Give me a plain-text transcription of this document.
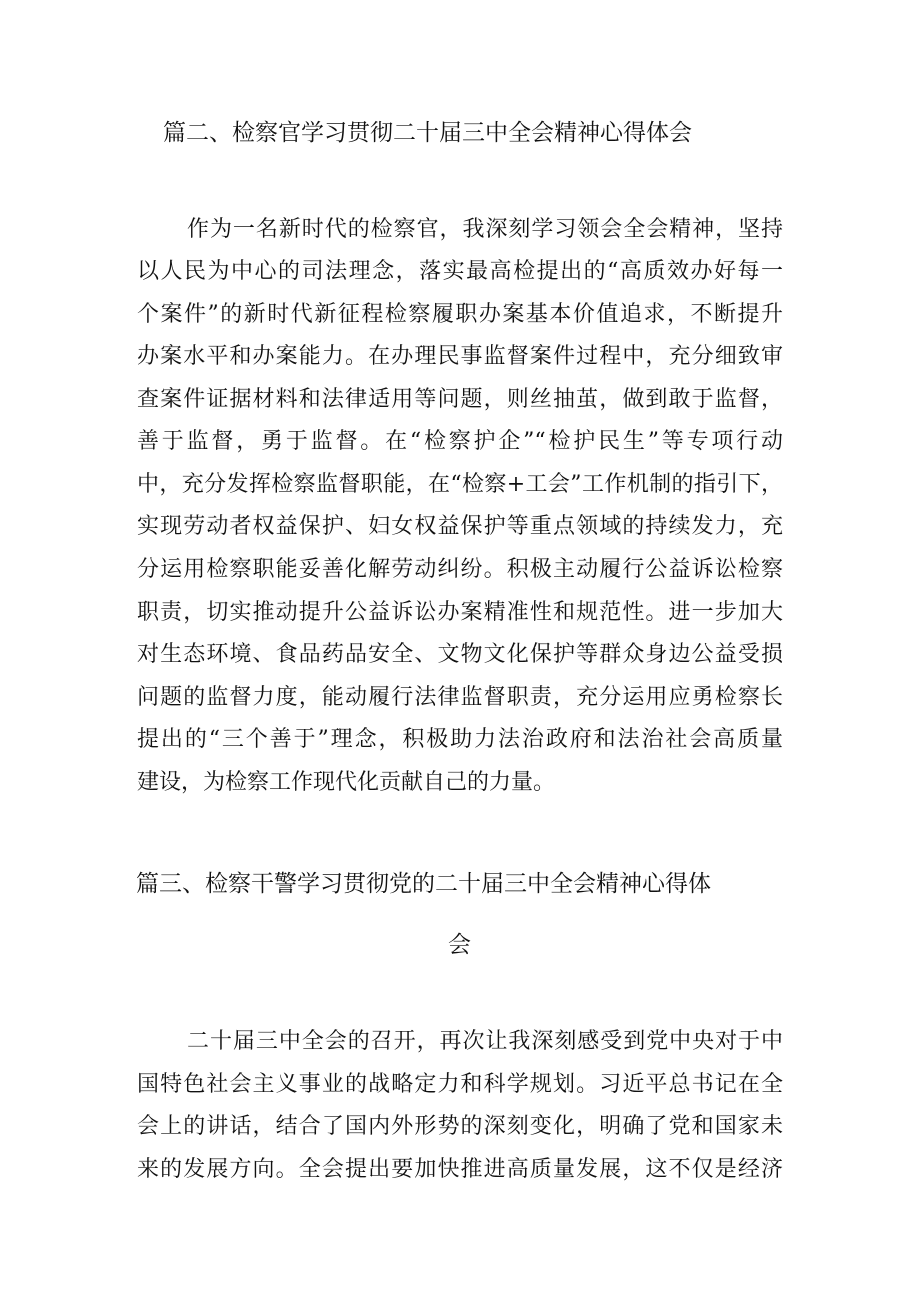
篇二、检察官学习贯彻二十届三中全会精神心得体会
作为一名新时代的检察官，我深刻学习领会全会精神，坚持
以人民为中心的司法理念，落实最高检提出的“高质效办好每一
个案件”的新时代新征程检察履职办案基本价值追求，不断提升
办案水平和办案能力。在办理民事监督案件过程中，充分细致审
查案件证据材料和法律适用等问题，则丝抽茧，做到敢于监督，
善于监督，勇于监督。在“检察护企”“检护民生”等专项行动
中，充分发挥检察监督职能，在“检察+工会”工作机制的指引下，
实现劳动者权益保护、妇女权益保护等重点领域的持续发力，充
分运用检察职能妥善化解劳动纠纷。积极主动履行公益诉讼检察
职责，切实推动提升公益诉讼办案精准性和规范性。进一步加大
对生态环境、食品药品安全、文物文化保护等群众身边公益受损
问题的监督力度，能动履行法律监督职责，充分运用应勇检察长
提出的“三个善于”理念，积极助力法治政府和法治社会高质量
建设，为检察工作现代化贡献自己的力量。
篇三、检察干警学习贯彻党的二十届三中全会精神心得体
会
二十届三中全会的召开，再次让我深刻感受到党中央对于中
国特色社会主义事业的战略定力和科学规划。习近平总书记在全
会上的讲话，结合了国内外形势的深刻变化，明确了党和国家未
来的发展方向。全会提出要加快推进高质量发展，这不仅是经济
